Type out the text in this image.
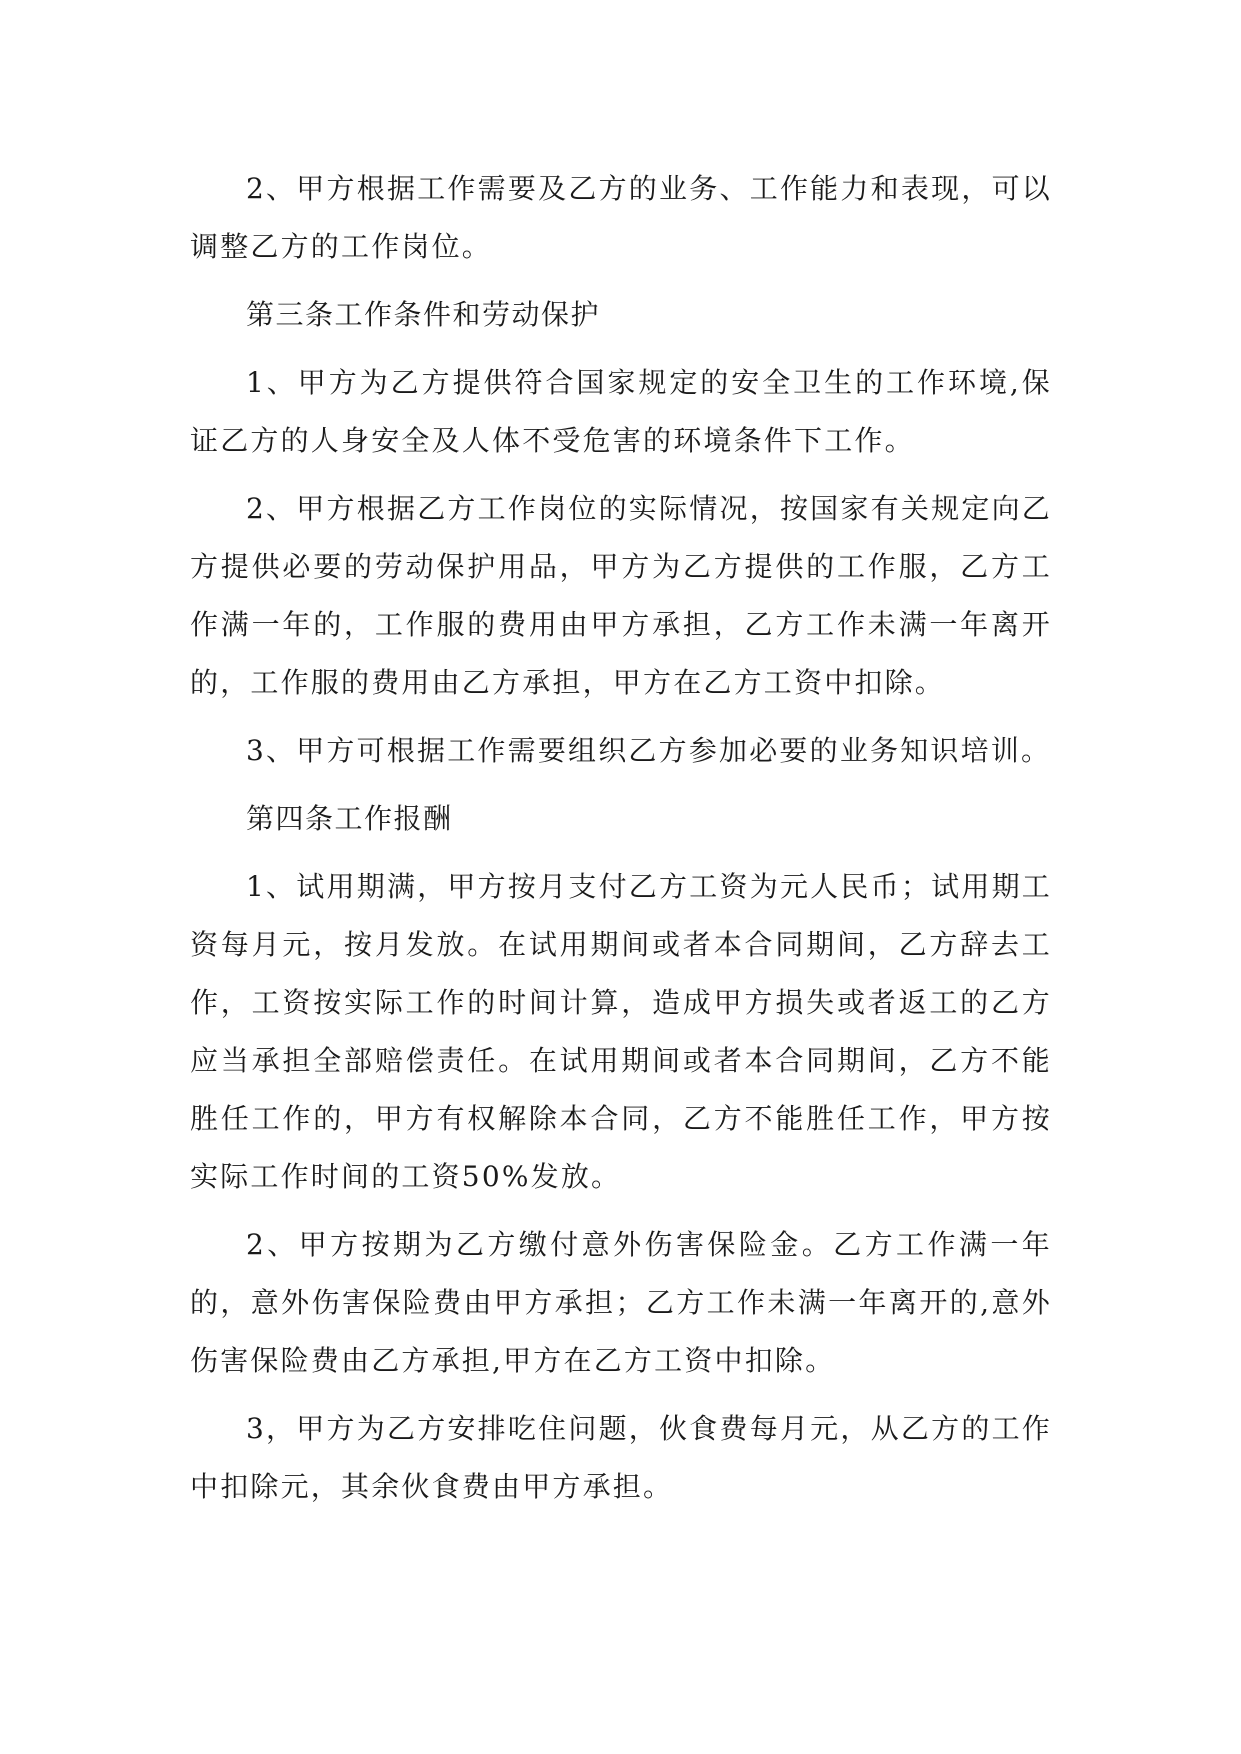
2、甲方根据工作需要及乙方的业务、工作能力和表现，可以调整乙方的工作岗位。

第三条工作条件和劳动保护

1、甲方为乙方提供符合国家规定的安全卫生的工作环境,保证乙方的人身安全及人体不受危害的环境条件下工作。

2、甲方根据乙方工作岗位的实际情况，按国家有关规定向乙方提供必要的劳动保护用品，甲方为乙方提供的工作服，乙方工作满一年的，工作服的费用由甲方承担，乙方工作未满一年离开的，工作服的费用由乙方承担，甲方在乙方工资中扣除。

3、甲方可根据工作需要组织乙方参加必要的业务知识培训。

第四条工作报酬

1、试用期满，甲方按月支付乙方工资为元人民币；试用期工资每月元，按月发放。在试用期间或者本合同期间，乙方辞去工作，工资按实际工作的时间计算，造成甲方损失或者返工的乙方应当承担全部赔偿责任。在试用期间或者本合同期间，乙方不能胜任工作的，甲方有权解除本合同，乙方不能胜任工作，甲方按实际工作时间的工资50%发放。

2、甲方按期为乙方缴付意外伤害保险金。乙方工作满一年的，意外伤害保险费由甲方承担；乙方工作未满一年离开的,意外伤害保险费由乙方承担,甲方在乙方工资中扣除。

3，甲方为乙方安排吃住问题，伙食费每月元，从乙方的工作中扣除元，其余伙食费由甲方承担。
